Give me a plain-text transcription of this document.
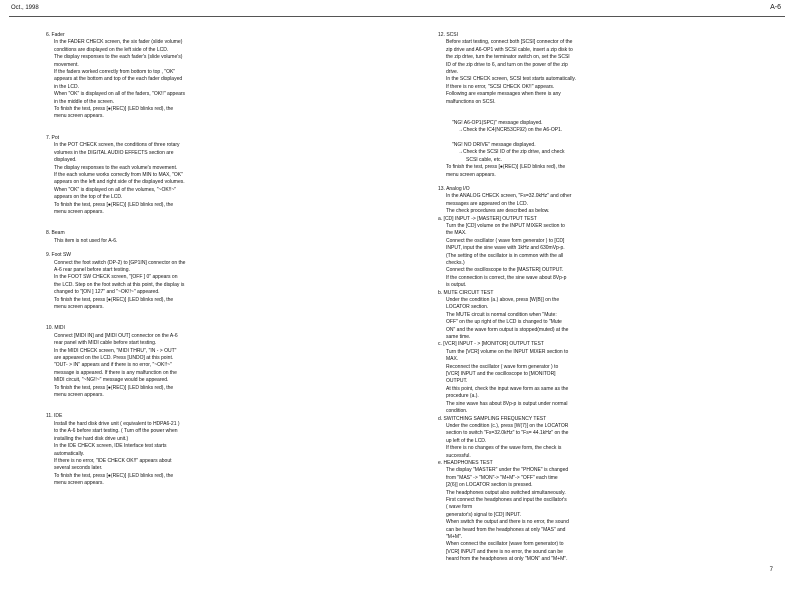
Oct., 1998	A-6
6. Fader
In the FADER CHECK screen, the six fader (slide volume)
conditions are displayed on the left side of the LCD.
The display responses to the each fader's (slide volume's)
movement.
If the faders worked correctly from bottom to top , "OK"
appears at the bottom and top of the each fader displayed
in the LCD.
When "OK" is displayed on all of the faders, "OK!!" appears
in the middle of the screen.
To finish the test, press [●(REC)] (LED blinks red), the
menu screen appears.
7. Pot
In the POT CHECK screen, the conditions of three rotary
volumes in the DIGITAL AUDIO EFFECTS section are
displayed.
The display responses to the each volume's movement.
If the each volume works correctly from MIN to MAX, "OK"
appears on the left and right side of the displayed volumes.
When "OK" is displayed on all of the volumes, "~OK!!~"
appears on the top of the LCD.
To finish the test, press [●(REC)] (LED blinks red), the
menu screen appears.
8. Beam
This item is not used for A-6.
9. Foot SW
Connect the foot switch (DP-2) to [GP1IN] connector on the
A-6 rear panel before start testing.
In the FOOT SW CHECK screen, "[OFF ] 0" appears on
the LCD. Step on the foot switch at this point, the display is
changed to "[ON ] 127" and "~OK!!~" appeared.
To finish the test, press [●(REC)] (LED blinks red), the
menu screen appears.
10. MIDI
Connect [MIDI IN] and [MIDI OUT] connector on the A-6
rear panel with MIDI cable before start testing.
In the MIDI CHECK screen, "MIDI THRU", "IN - > OUT"
are appeared on the LCD. Press [UNDO] at this point.
"OUT- > IN" appears and if there is no error, "~OK!!~"
message is appeared. If there is any malfunction on the
MIDI circuit, "~NG!!~" message would be appeared.
To finish the test, press [●(REC)] (LED blinks red), the
menu screen appears.
11. IDE
Install the hard disk drive unit ( equivalent to HDPA6-21 )
to the A-6 before start testing. ( Turn off the power when
installing the hard disk drive unit.)
In the IDE CHECK screen, IDE Interface test starts
automatically.
If there is no error, "IDE CHECK OK!!" appears about
several seconds later.
To finish the test, press [●(REC)] (LED blinks red), the
menu screen appears.
12. SCSI
Before start testing, connect both [SCSI] connector of the
zip drive and A6-OP1 with SCSI cable, insert a zip disk to
the zip drive, turn the terminator switch on, set the SCSI
ID of the zip drive to 6, and turn on the power of the zip
drive.
In the SCSI CHECK screen, SCSI test starts automatically.
If there is no error, "SCSI CHECK OK!!" appears.
Following are example messages when there is any
malfunctions on SCSI.
"NG! A6-OP1(SPC)" message displayed.
→Check the IC4(NCR53CF92) on the A6-OP1.
"NG! NO DRIVE" message displayed.
→Check the SCSI ID of the zip drive, and check
SCSI cable, etc.
To finish the test, press [●(REC)] (LED blinks red), the
menu screen appears.
13. Analog I/O
In the ANALOG CHECK screen, "Fs=32.0kHz" and other
messages are appeared on the LCD.
The check procedures are described as below.
a. [CD] INPUT -> [MASTER] OUTPUT TEST
Turn the [CD] volume on the INPUT MIXER section to
the MAX.
Connect the oscillator ( wave form generator ) to [CD]
INPUT, input the sine wave with 1kHz and 630mVp-p.
(The setting of the oscillator is in common with the all
checks.)
Connect the oscilloscope to the [MASTER] OUTPUT.
If the connection is correct, the sine wave about 8Vp-p
is output.
b. MUTE CIRCUIT TEST
Under the condition (a.) above, press [W(B)] on the
LOCATOR section.
The MUTE circuit is normal condition when "Mute:
OFF" on the up right of the LCD is changed to "Mute
ON" and the wave form output is stopped(muted) at the
same time.
c. [VCR] INPUT - > [MONITOR] OUTPUT TEST
Turn the [VCR] volume on the INPUT MIXER section to
MAX.
Reconnect the oscillator ( wave form generator ) to
[VCR] INPUT and the oscilloscope to [MONITOR]
OUTPUT.
At this point, check the input wave form as same as the
procedure (a.).
The sine wave has about 8Vp-p is output under normal
condition.
d. SWITCHING SAMPLING FREQUENCY TEST
Under the condition (c.), press [W(7)] on the LOCATOR
section to switch "Fs=32.0kHz" to "Fs= 44.1kHz" on the
up left of the LCD.
If there is no changes of the wave form, the check is
successful.
e. HEADPHONES TEST
The display "MASTER" under the "PHONE" is changed
from "MAS" -> "MON"-> "M+M"-> "OFF" each time
[2(6)] on LOCATOR section is pressed.
The headphones output also switched simultaneously.
First connect the headphones and input the oscillator's
( wave form
generator's) signal to [CD] INPUT.
When switch the output and there is no error, the sound
can be heard from the headphones at only "MAS" and
"M+M".
When connect the oscillator (wave form generator) to
[VCR] INPUT and there is no error, the sound can be
heard from the headphones at only "MON" and "M+M".
7
